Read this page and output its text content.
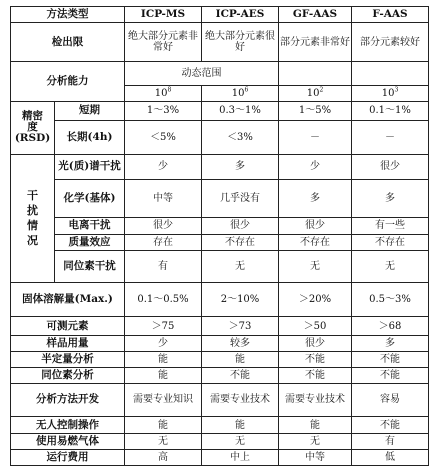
方法类型		ICP-MS	ICP-AES	GF-AAS	F-AAS
检出限		绝大部分元素非常好	绝大部分元素很好	部分元素非常好	部分元素较好
分析能力		动态范围			
		$10^8$	$10^6$	$10^2$	$10^3$
精密
度
(RSD)	短期	1～3%	0.3～1%	1～5%	0.1～1%
	长期(4h)	＜5%	＜3%	－	－

干
扰
情
况	光(质)谱干扰	少	多	少	很少
	化学(基体)	中等	几乎没有	多	多
	电离干扰	很少	很少	很少	有一些
	质量效应	存在	不存在	不存在	不存在
	同位素干扰	有	无	无	无
固体溶解量(Max.)		0.1～0.5%	2～10%	＞20%	0.5～3%
可测元素		＞75	＞73	＞50	＞68
样品用量		少	较多	很少	多
半定量分析		能	能	不能	不能
同位素分析		能	不能	不能	不能
分析方法开发		需要专业知识	需要专业技术	需要专业技术	容易
无人控制操作		能	能	能	不能
使用易燃气体		无	无	无	有
运行费用		高	中上	中等	低
